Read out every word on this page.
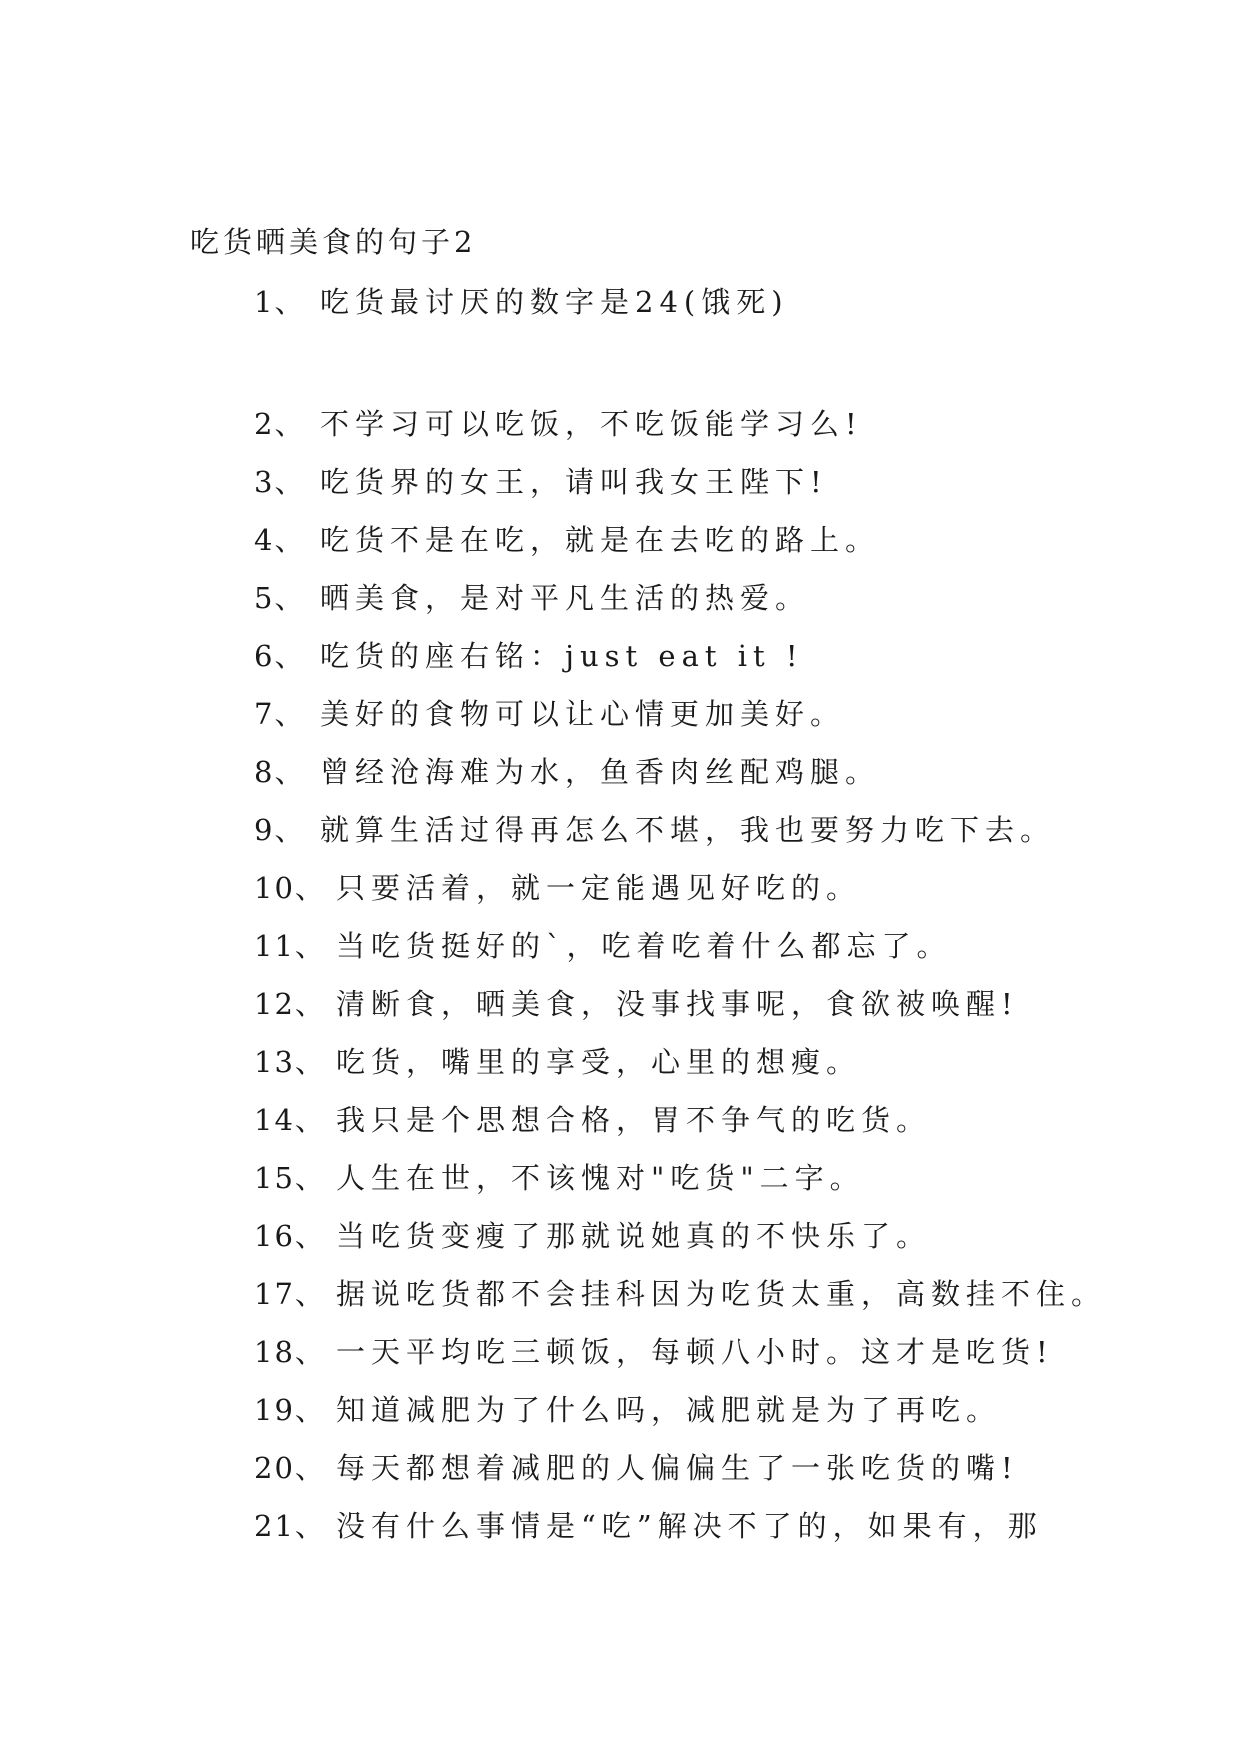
吃货晒美食的句子2
1、 吃货最讨厌的数字是24(饿死)
2、 不学习可以吃饭，不吃饭能学习么!
3、 吃货界的女王，请叫我女王陛下!
4、 吃货不是在吃，就是在去吃的路上。
5、 晒美食，是对平凡生活的热爱。
6、 吃货的座右铭：just eat it !
7、 美好的食物可以让心情更加美好。
8、 曾经沧海难为水，鱼香肉丝配鸡腿。
9、 就算生活过得再怎么不堪，我也要努力吃下去。
10、 只要活着，就一定能遇见好吃的。
11、 当吃货挺好的`，吃着吃着什么都忘了。
12、 清断食，晒美食，没事找事呢，食欲被唤醒!
13、 吃货，嘴里的享受，心里的想瘦。
14、 我只是个思想合格，胃不争气的吃货。
15、 人生在世，不该愧对"吃货"二字。
16、 当吃货变瘦了那就说她真的不快乐了。
17、 据说吃货都不会挂科因为吃货太重，高数挂不住。
18、 一天平均吃三顿饭，每顿八小时。这才是吃货!
19、 知道减肥为了什么吗，减肥就是为了再吃。
20、 每天都想着减肥的人偏偏生了一张吃货的嘴!
21、 没有什么事情是“吃”解决不了的，如果有，那
